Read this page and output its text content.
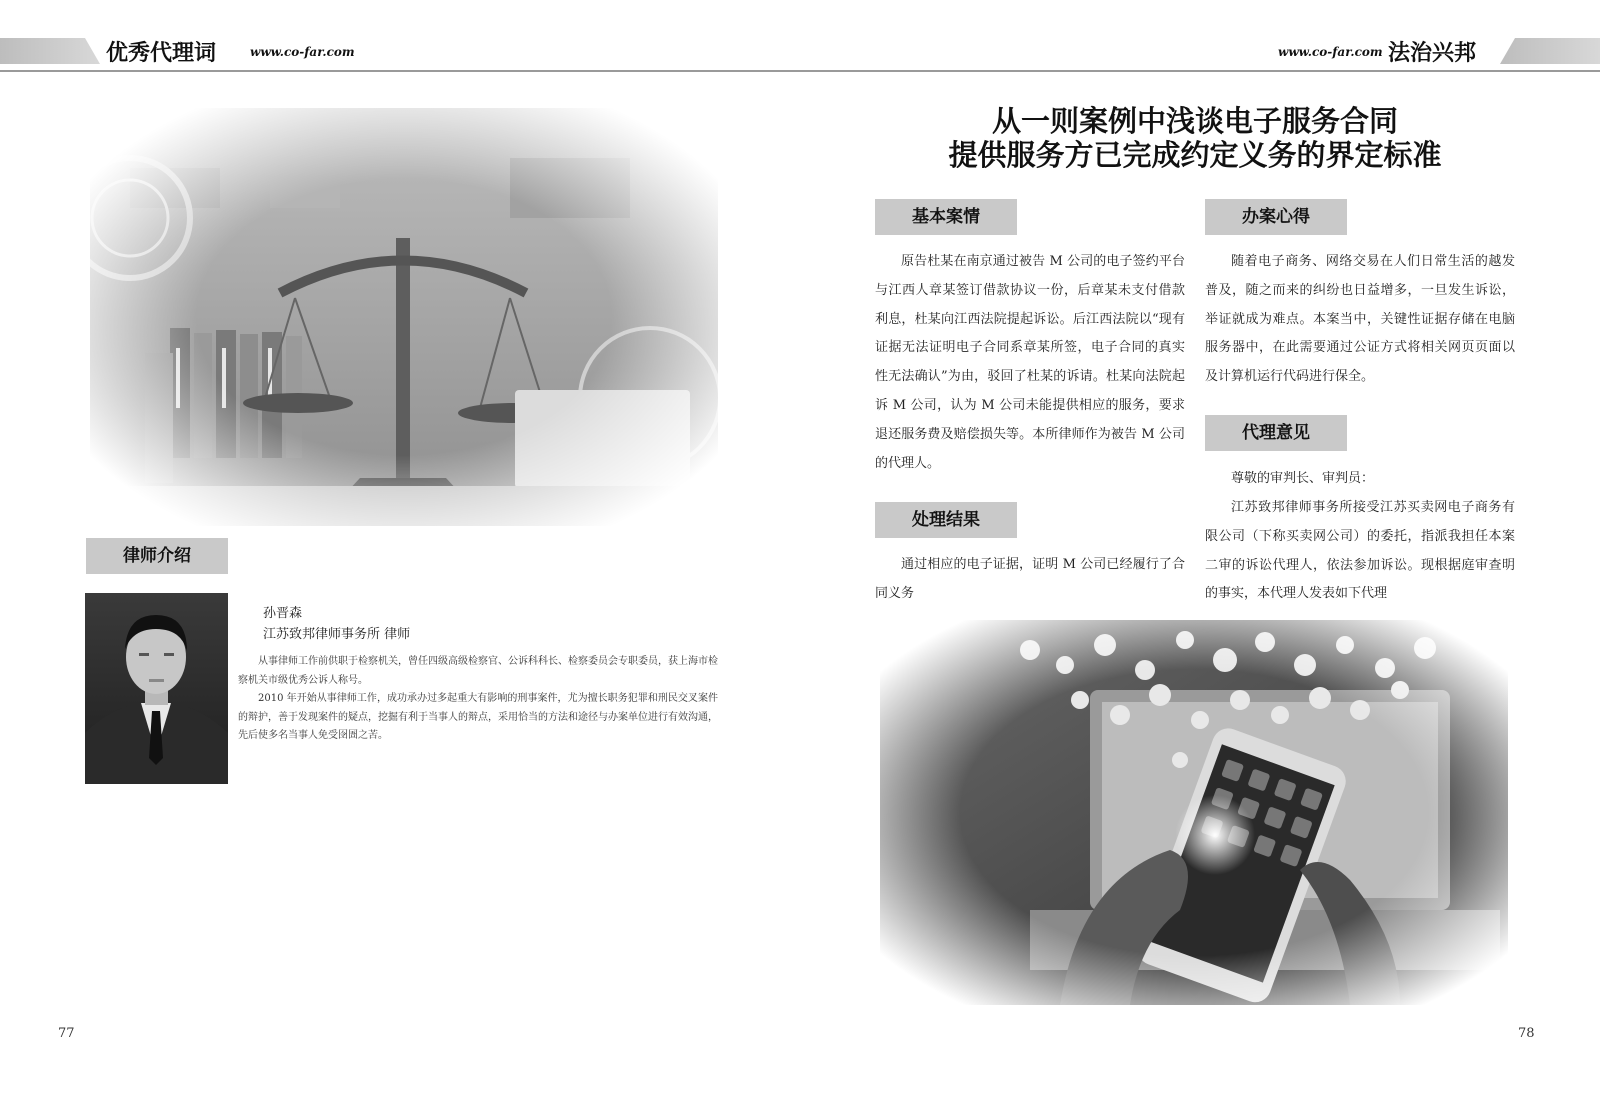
优秀代理词	www.co-far.com	www.co-far.com 法治兴邦
律师介绍
孙晋森
江苏致邦律师事务所 律师

从事律师工作前供职于检察机关，曾任四级高级检察官、公诉科科长、检察委员会专职委员，获上海市检察机关市级优秀公诉人称号。

2010 年开始从事律师工作，成功承办过多起重大有影响的刑事案件，尤为擅长职务犯罪和刑民交叉案件的辩护，善于发现案件的疑点，挖掘有利于当事人的辩点，采用恰当的方法和途径与办案单位进行有效沟通，先后使多名当事人免受囹圄之苦。

77
从一则案例中浅谈电子服务合同
提供服务方已完成约定义务的界定标准
基本案情

原告杜某在南京通过被告 M 公司的电子签约平台与江西人章某签订借款协议一份，后章某未支付借款利息，杜某向江西法院提起诉讼。后江西法院以“现有证据无法证明电子合同系章某所签，电子合同的真实性无法确认”为由，驳回了杜某的诉请。杜某向法院起诉 M 公司，认为 M 公司未能提供相应的服务，要求退还服务费及赔偿损失等。本所律师作为被告 M 公司的代理人。

处理结果

通过相应的电子证据，证明 M 公司已经履行了合同义务

办案心得

随着电子商务、网络交易在人们日常生活的越发普及，随之而来的纠纷也日益增多，一旦发生诉讼，举证就成为难点。本案当中，关键性证据存储在电脑服务器中，在此需要通过公证方式将相关网页页面以及计算机运行代码进行保全。

代理意见

尊敬的审判长、审判员：

江苏致邦律师事务所接受江苏买卖网电子商务有限公司（下称买卖网公司）的委托，指派我担任本案二审的诉讼代理人，依法参加诉讼。现根据庭审查明的事实，本代理人发表如下代理

78
